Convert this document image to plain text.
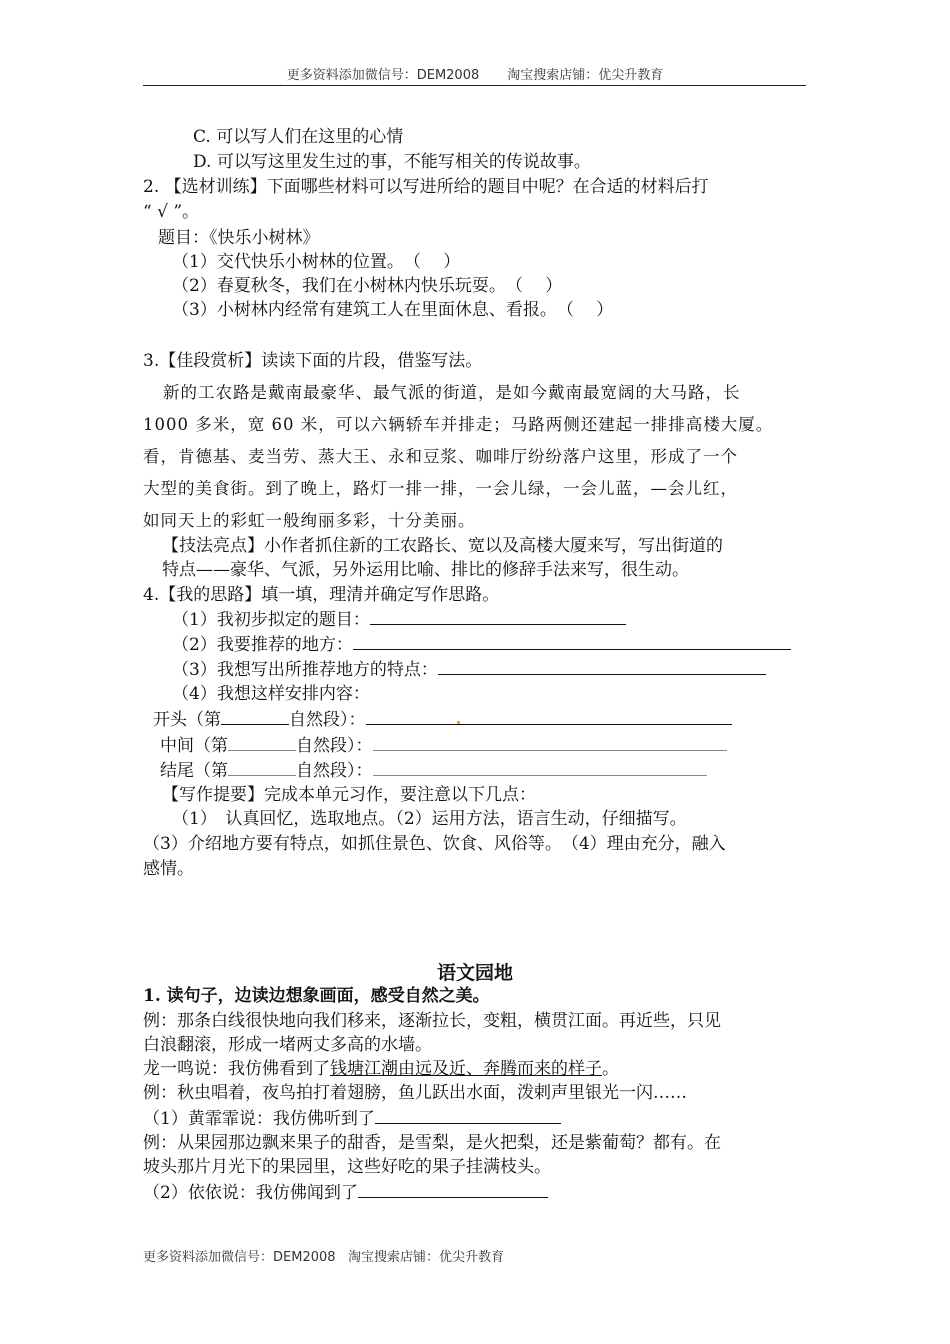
更多资料添加微信号：DEM2008 淘宝搜索店铺：优尖升教育
C. 可以写人们在这里的心情
D. 可以写这里发生过的事，不能写相关的传说故事。
2. 【选材训练】下面哪些材料可以写进所给的题目中呢？在合适的材料后打
“ √ ”。
题目：《快乐小树林》
（1）交代快乐小树林的位置。　（　 ）
（2）春夏秋冬，我们在小树林内快乐玩耍。　（　 ）
（3）小树林内经常有建筑工人在里面休息、看报。　（　 ）
3.【佳段赏析】读读下面的片段，借鉴写法。
新的工农路是戴南最豪华、最气派的街道，是如今戴南最宽阔的大马路，长
1000 多米，宽 60 米，可以六辆轿车并排走；马路两侧还建起一排排高楼大厦。
看，肯德基、麦当劳、蒸大王、永和豆浆、咖啡厅纷纷落户这里，形成了一个
大型的美食街。到了晚上，路灯一排一排，一会儿绿，一会儿蓝，—会儿红，
如同天上的彩虹一般绚丽多彩，十分美丽。
【技法亮点】小作者抓住新的工农路长、宽以及高楼大厦来写，写出街道的
特点——豪华、气派，另外运用比喻、排比的修辞手法来写，很生动。
4.【我的思路】填一填，理清并确定写作思路。
（1）我初步拟定的题目：
（2）我要推荐的地方：
（3）我想写出所推荐地方的特点：
（4）我想这样安排内容：
开头（第	自然段）：
中间（第	自然段）：
结尾（第	自然段）：
【写作提要】完成本单元习作，要注意以下几点：
（1）　认真回忆，选取地点。（2）运用方法，语言生动，仔细描写。
（3）介绍地方要有特点，如抓住景色、饮食、风俗等。　（4）理由充分，融入
感情。
语文园地
1. 读句子，边读边想象画面，感受自然之美。
例：那条白线很快地向我们移来，逐渐拉长，变粗，横贯江面。再近些，只见
白浪翻滚，形成一堵两丈多高的水墙。
龙一鸣说：我仿佛看到了钱塘江潮由远及近、奔腾而来的样子。
例：秋虫唱着，夜鸟拍打着翅膀，鱼儿跃出水面，泼剌声里银光一闪……
（1）黄霏霏说：我仿佛听到了
例：从果园那边飘来果子的甜香，是雪梨，是火把梨，还是紫葡萄？都有。在
坡头那片月光下的果园里，这些好吃的果子挂满枝头。
（2）依依说：我仿佛闻到了
更多资料添加微信号：DEM2008 淘宝搜索店铺：优尖升教育
